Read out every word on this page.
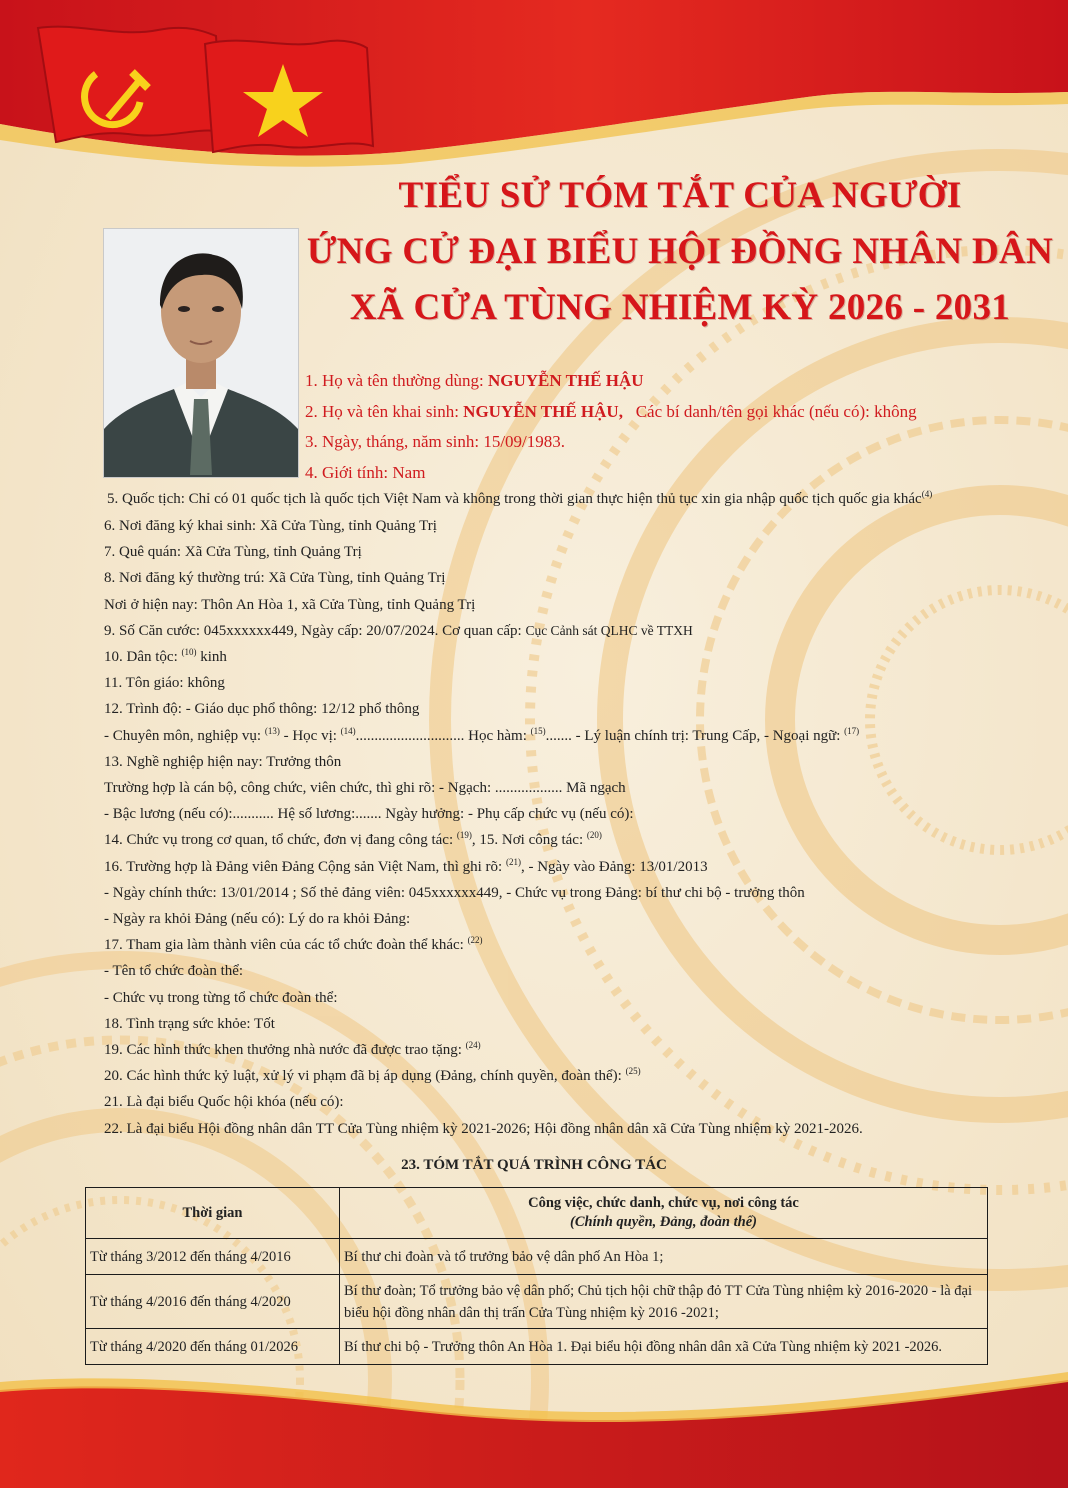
TIỂU SỬ TÓM TẮT CỦA NGƯỜI
ỨNG CỬ ĐẠI BIỂU HỘI ĐỒNG NHÂN DÂN
XÃ CỬA TÙNG NHIỆM KỲ 2026 - 2031
1. Họ và tên thường dùng: NGUYỄN THẾ HẬU
2. Họ và tên khai sinh: NGUYỄN THẾ HẬU, Các bí danh/tên gọi khác (nếu có): không
3. Ngày, tháng, năm sinh: 15/09/1983.
4. Giới tính: Nam
5. Quốc tịch: Chỉ có 01 quốc tịch là quốc tịch Việt Nam và không trong thời gian thực hiện thủ tục xin gia nhập quốc tịch quốc gia khác$^{(4)}$
6. Nơi đăng ký khai sinh: Xã Cửa Tùng, tỉnh Quảng Trị
7. Quê quán: Xã Cửa Tùng, tỉnh Quảng Trị
8. Nơi đăng ký thường trú: Xã Cửa Tùng, tỉnh Quảng Trị
Nơi ở hiện nay: Thôn An Hòa 1, xã Cửa Tùng, tỉnh Quảng Trị
9. Số Căn cước: 045xxxxxx449, Ngày cấp: 20/07/2024. Cơ quan cấp: Cục Cảnh sát QLHC về TTXH
10. Dân tộc: $^{(10)}$ kinh
11. Tôn giáo: không
12. Trình độ: - Giáo dục phổ thông: 12/12 phổ thông
- Chuyên môn, nghiệp vụ: $^{(13)}$ - Học vị: $^{(14)}$............................. Học hàm: $^{(15)}$....... - Lý luận chính trị: Trung Cấp, - Ngoại ngữ: $^{(17)}$
13. Nghề nghiệp hiện nay: Trưởng thôn
Trường hợp là cán bộ, công chức, viên chức, thì ghi rõ: - Ngạch: .................. Mã ngạch
- Bậc lương (nếu có):........... Hệ số lương:....... Ngày hưởng: - Phụ cấp chức vụ (nếu có):
14. Chức vụ trong cơ quan, tổ chức, đơn vị đang công tác: $^{(19)}$, 15. Nơi công tác: $^{(20)}$
16. Trường hợp là Đảng viên Đảng Cộng sản Việt Nam, thì ghi rõ: $^{(21)}$, - Ngày vào Đảng: 13/01/2013
- Ngày chính thức: 13/01/2014 ; Số thẻ đảng viên: 045xxxxxx449, - Chức vụ trong Đảng: bí thư chi bộ - trưởng thôn
- Ngày ra khỏi Đảng (nếu có): Lý do ra khỏi Đảng:
17. Tham gia làm thành viên của các tổ chức đoàn thể khác: $^{(22)}$
- Tên tổ chức đoàn thể:
- Chức vụ trong từng tổ chức đoàn thể:
18. Tình trạng sức khỏe: Tốt
19. Các hình thức khen thưởng nhà nước đã được trao tặng: $^{(24)}$
20. Các hình thức kỷ luật, xử lý vi phạm đã bị áp dụng (Đảng, chính quyền, đoàn thể): $^{(25)}$
21. Là đại biểu Quốc hội khóa (nếu có):
22. Là đại biểu Hội đồng nhân dân TT Cửa Tùng nhiệm kỳ 2021-2026; Hội đồng nhân dân xã Cửa Tùng nhiệm kỳ 2021-2026.
23. TÓM TẮT QUÁ TRÌNH CÔNG TÁC
Thời gian	Công việc, chức danh, chức vụ, nơi công tác
(Chính quyền, Đảng, đoàn thể)

Từ tháng 3/2012 đến tháng 4/2016	Bí thư chi đoàn và tổ trưởng bảo vệ dân phố An Hòa 1;
Từ tháng 4/2016 đến tháng 4/2020	Bí thư đoàn; Tổ trưởng bảo vệ dân phố; Chủ tịch hội chữ thập đỏ TT Cửa Tùng nhiệm kỳ 2016-2020 - là đại biểu hội đồng nhân dân thị trấn Cửa Tùng nhiệm kỳ 2016 -2021;
Từ tháng 4/2020 đến tháng 01/2026	Bí thư chi bộ - Trưởng thôn An Hòa 1. Đại biểu hội đồng nhân dân xã Cửa Tùng nhiệm kỳ 2021 -2026.
